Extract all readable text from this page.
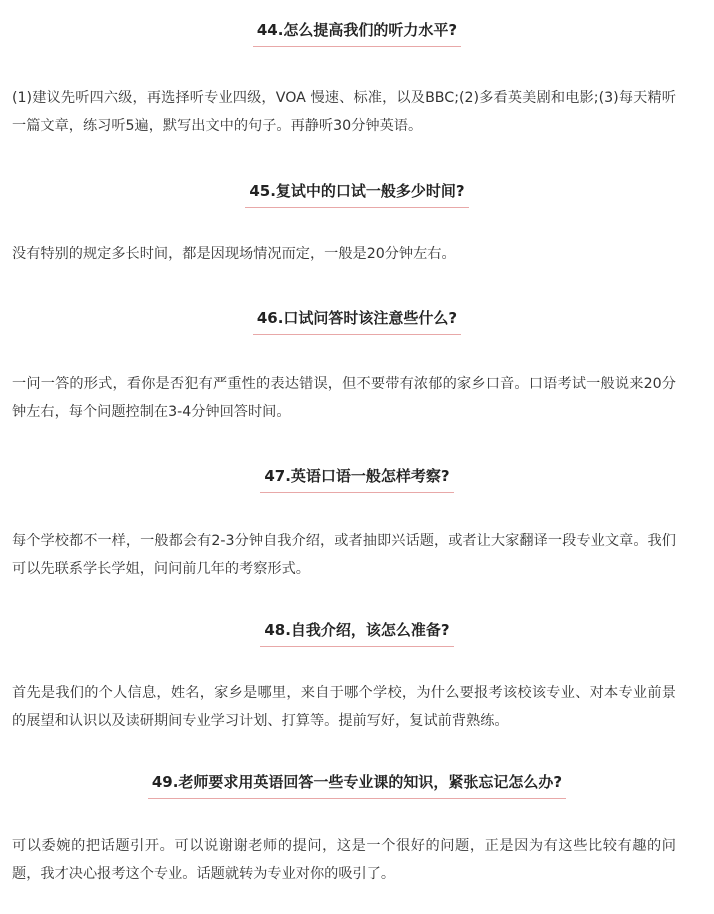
44.怎么提高我们的听力水平?

(1)建议先听四六级，再选择听专业四级，VOA 慢速、标准，以及BBC;(2)多看英美剧和电影;(3)每天精听一篇文章，练习听5遍，默写出文中的句子。再静听30分钟英语。

45.复试中的口试一般多少时间?

没有特别的规定多长时间，都是因现场情况而定，一般是20分钟左右。

46.口试问答时该注意些什么?

一问一答的形式，看你是否犯有严重性的表达错误，但不要带有浓郁的家乡口音。口语考试一般说来20分钟左右，每个问题控制在3-4分钟回答时间。

47.英语口语一般怎样考察?

每个学校都不一样，一般都会有2-3分钟自我介绍，或者抽即兴话题，或者让大家翻译一段专业文章。我们可以先联系学长学姐，问问前几年的考察形式。

48.自我介绍，该怎么准备?

首先是我们的个人信息，姓名，家乡是哪里，来自于哪个学校，为什么要报考该校该专业、对本专业前景的展望和认识以及读研期间专业学习计划、打算等。提前写好，复试前背熟练。

49.老师要求用英语回答一些专业课的知识，紧张忘记怎么办?

可以委婉的把话题引开。可以说谢谢老师的提问，这是一个很好的问题，正是因为有这些比较有趣的问题，我才决心报考这个专业。话题就转为专业对你的吸引了。
